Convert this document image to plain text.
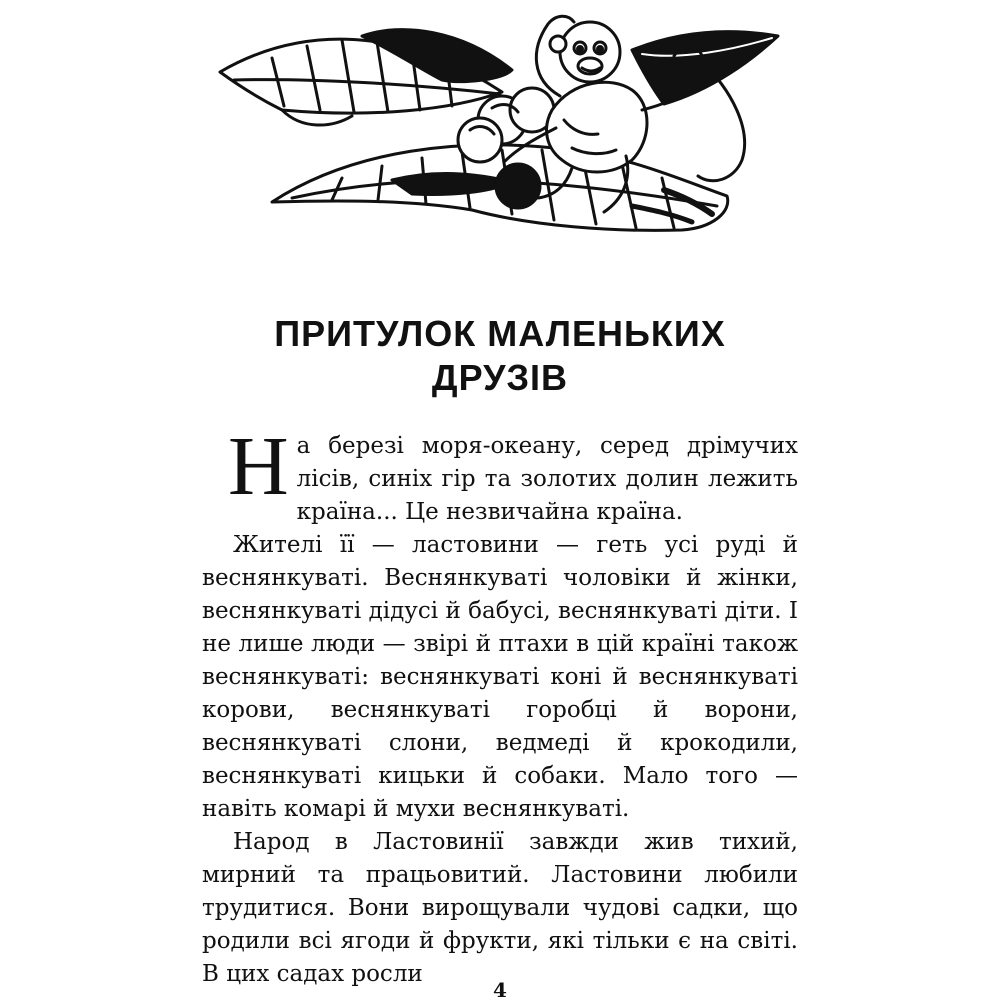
ПРИТУЛОК МАЛЕНЬКИХ
ДРУЗІВ

На березі моря-океану, серед дрімучих лісів, синіх гір та золотих долин лежить країна... Це незвичайна країна.

Жителі її — ластовини — геть усі руді й веснянкуваті. Веснянкуваті чоловіки й жінки, веснянкуваті дідусі й бабусі, веснянкуваті діти. І не лише люди — звірі й птахи в цій країні також веснянкуваті: веснянкуваті коні й веснянкуваті корови, веснянкуваті горобці й ворони, веснянкуваті слони, ведмеді й крокодили, веснянкуваті кицьки й собаки. Мало того — навіть комарі й мухи веснянкуваті.

Народ в Ластовинії завжди жив тихий, мирний та працьовитий. Ластовини любили трудитися. Вони вирощували чудові садки, що родили всі ягоди й фрукти, які тільки є на світі. В цих садах росли

4
